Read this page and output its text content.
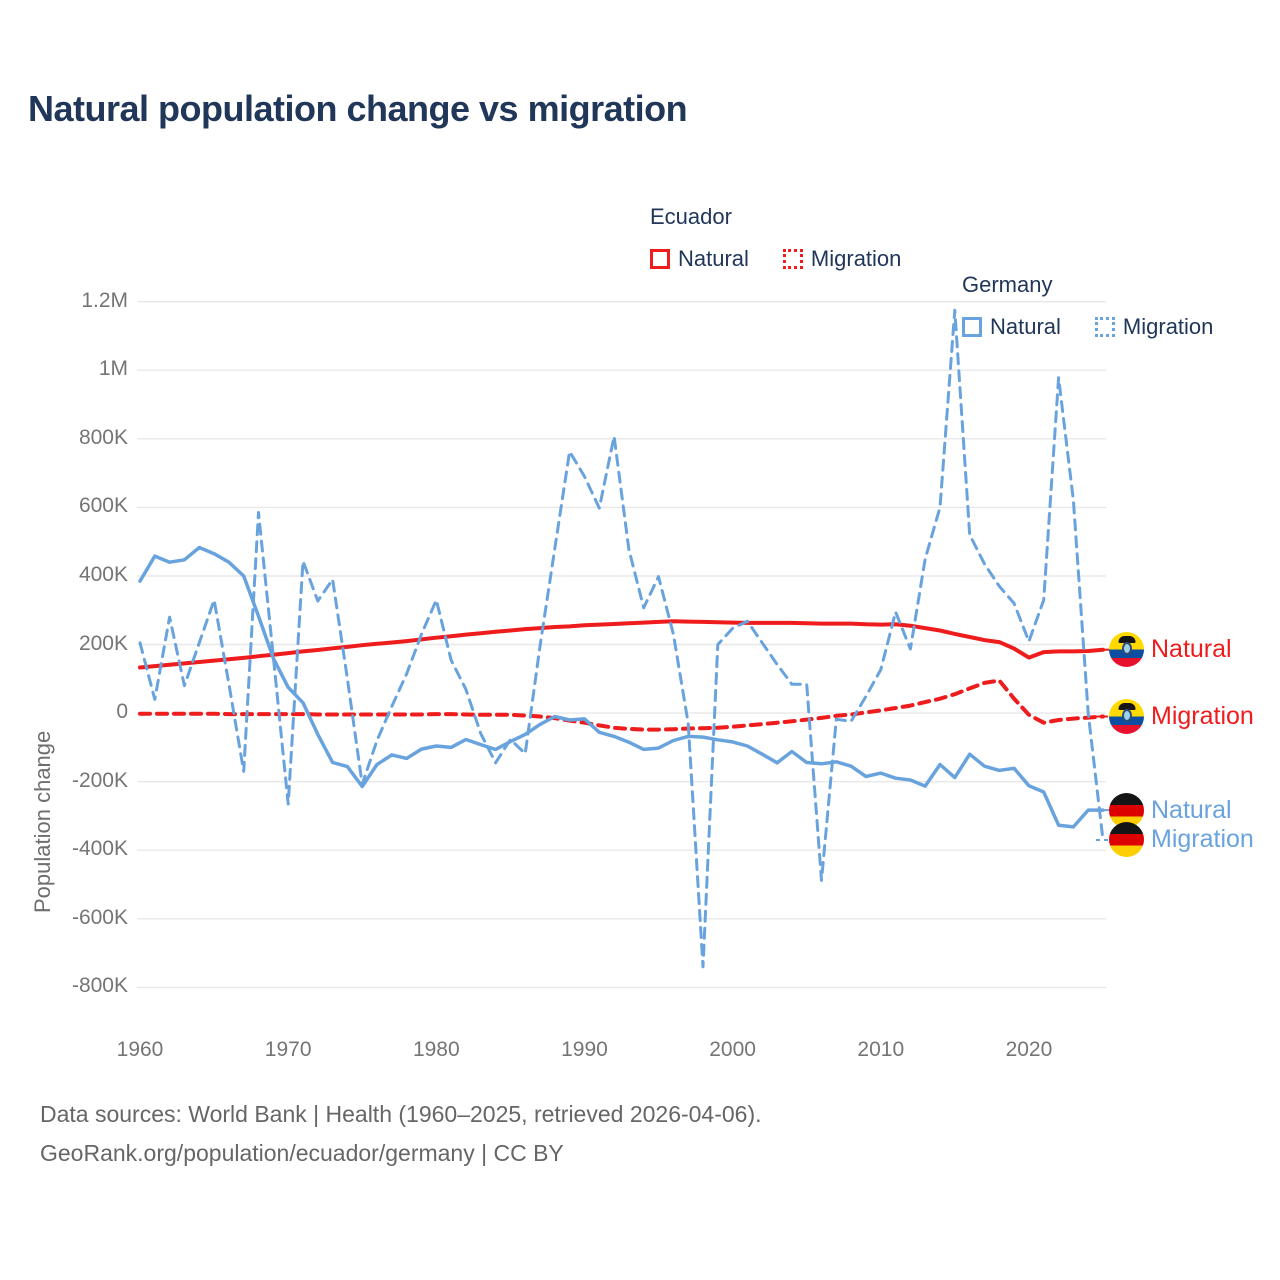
Natural population change vs migration
Ecuador
Natural	Migration
Germany
Natural	Migration
Population change
1.2M
1M
800K
600K
400K
200K
0
-200K
-400K
-600K
-800K
1960	1970	1980	1990	2000	2010	2020
Natural
Migration
Natural
Migration
Data sources: World Bank | Health (1960–2025, retrieved 2026-04-06).
GeoRank.org/population/ecuador/germany | CC BY
